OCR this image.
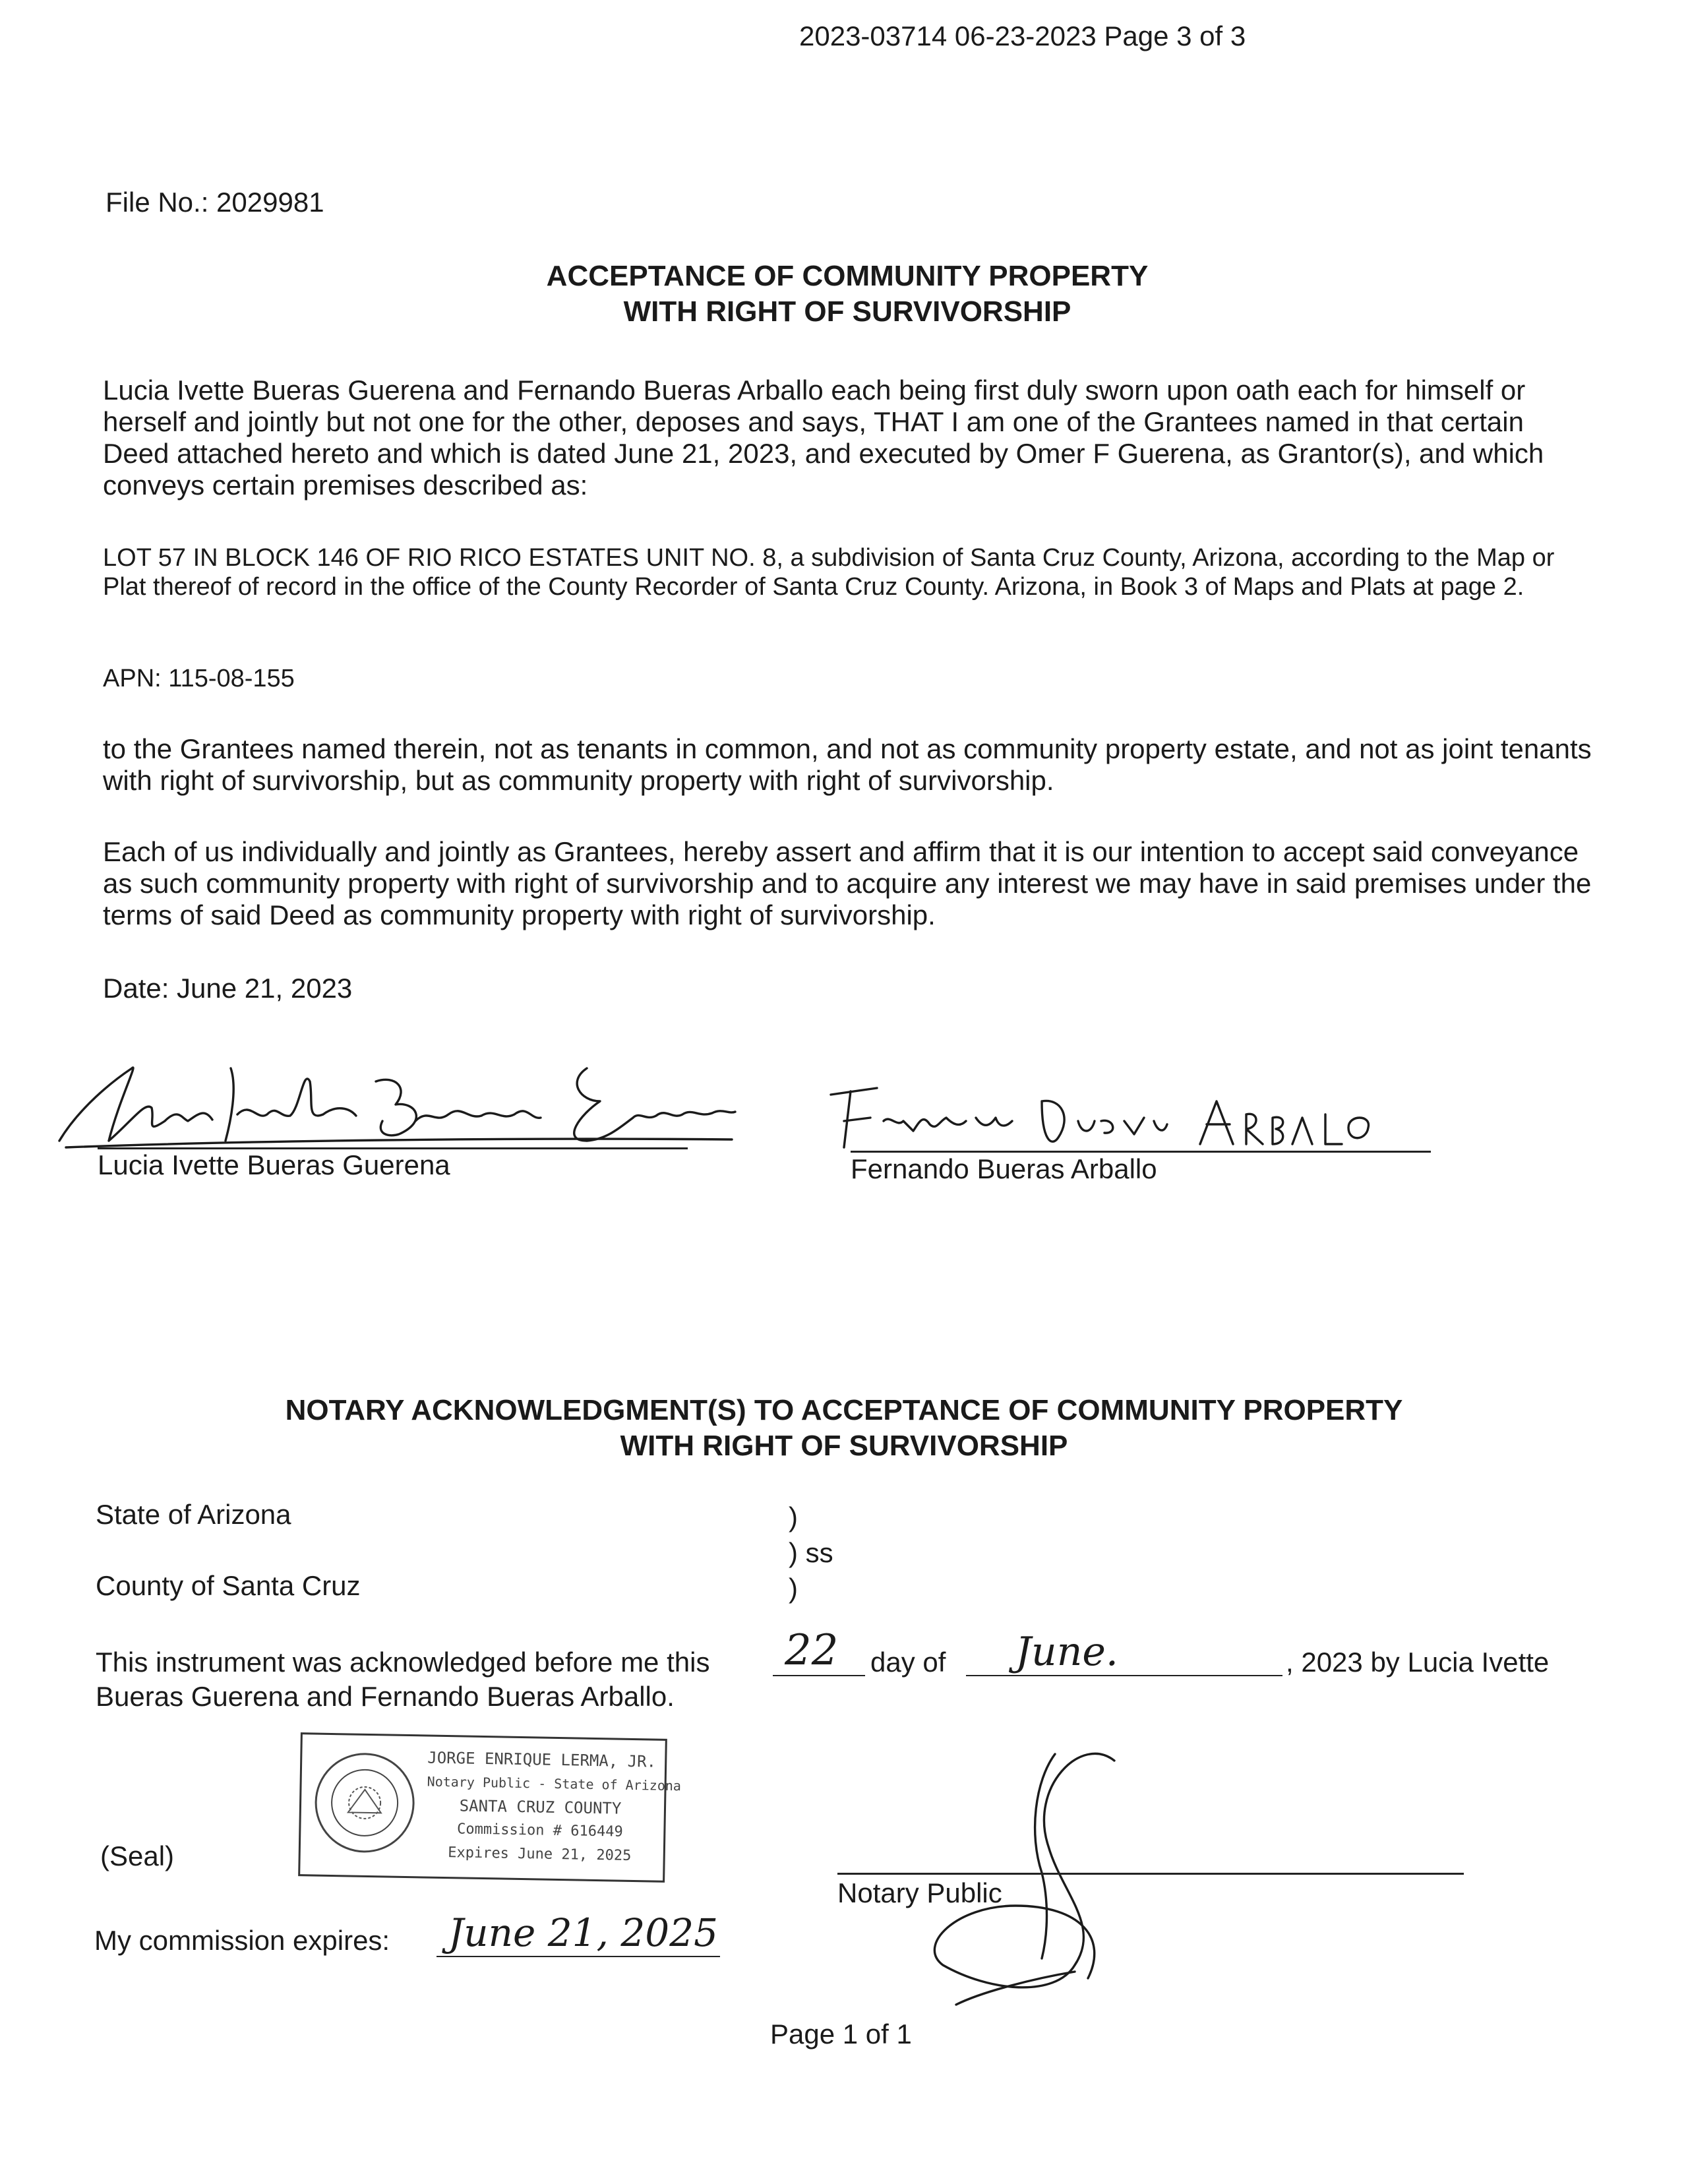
2023-03714 06-23-2023 Page 3 of 3
File No.: 2029981
ACCEPTANCE OF COMMUNITY PROPERTY
WITH RIGHT OF SURVIVORSHIP
Lucia Ivette Bueras Guerena and Fernando Bueras Arballo each being first duly sworn upon oath each for himself or herself and jointly but not one for the other, deposes and says, THAT I am one of the Grantees named in that certain Deed attached hereto and which is dated June 21, 2023, and executed by Omer F Guerena, as Grantor(s), and which conveys certain premises described as:
LOT 57 IN BLOCK 146 OF RIO RICO ESTATES UNIT NO. 8, a subdivision of Santa Cruz County, Arizona, according to the Map or Plat thereof of record in the office of the County Recorder of Santa Cruz County. Arizona, in Book 3 of Maps and Plats at page 2.
APN: 115-08-155
to the Grantees named therein, not as tenants in common, and not as community property estate, and not as joint tenants with right of survivorship, but as community property with right of survivorship.
Each of us individually and jointly as Grantees, hereby assert and affirm that it is our intention to accept said conveyance as such community property with right of survivorship and to acquire any interest we may have in said premises under the terms of said Deed as community property with right of survivorship.
Date: June 21, 2023
Lucia Ivette Bueras Guerena	Fernando Bueras Arballo
NOTARY ACKNOWLEDGMENT(S) TO ACCEPTANCE OF COMMUNITY PROPERTY
WITH RIGHT OF SURVIVORSHIP
State of Arizona
County of Santa Cruz
)
) ss
)
This instrument was acknowledged before me this 22 day of June.	, 2023 by Lucia Ivette
Bueras Guerena and Fernando Bueras Arballo.
JORGE ENRIQUE LERMA, JR.
Notary Public - State of Arizona
SANTA CRUZ COUNTY
Commission # 616449
Expires June 21, 2025
(Seal)
Notary Public
My commission expires: June 21, 2025
Page 1 of 1
